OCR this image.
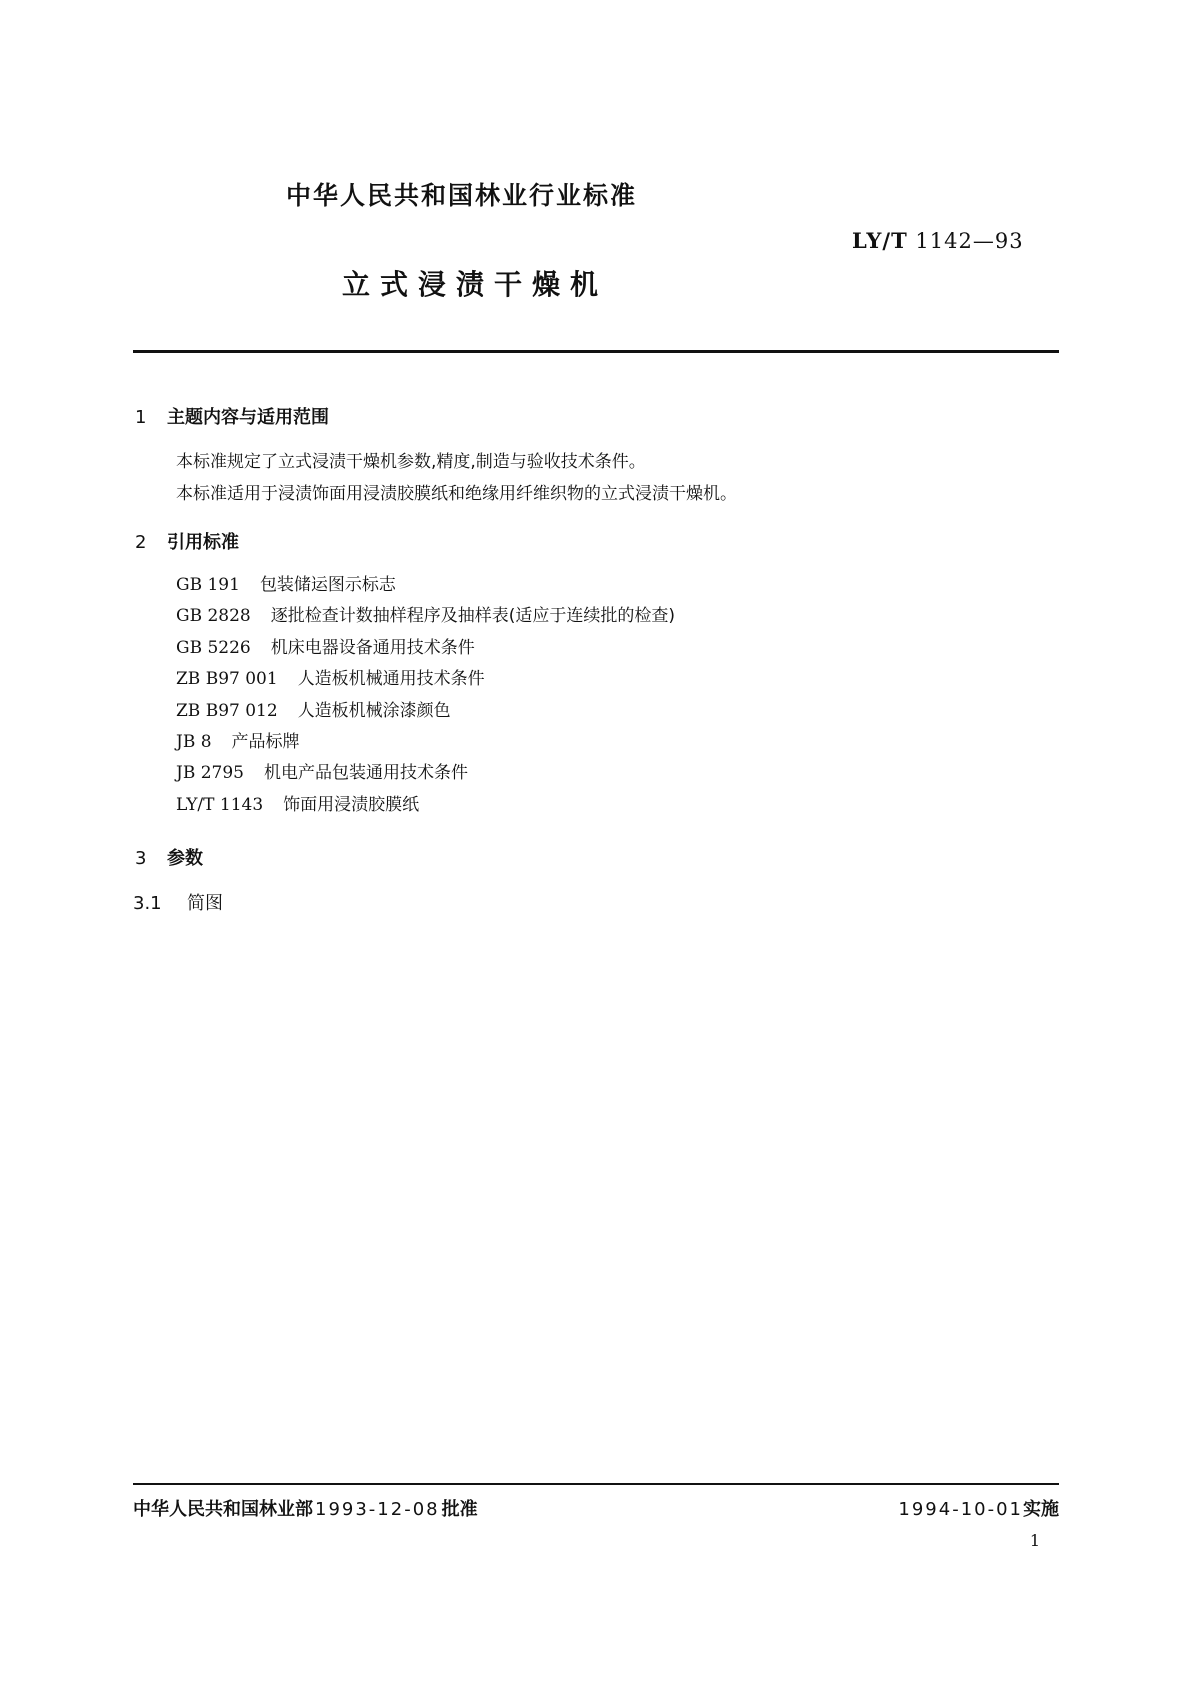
中华人民共和国林业行业标准
LY/T 1142—93
立式浸渍干燥机
1 主题内容与适用范围
本标准规定了立式浸渍干燥机参数,精度,制造与验收技术条件。
本标准适用于浸渍饰面用浸渍胶膜纸和绝缘用纤维织物的立式浸渍干燥机。
2 引用标准
GB 191 包装储运图示标志
GB 2828 逐批检查计数抽样程序及抽样表(适应于连续批的检查)
GB 5226 机床电器设备通用技术条件
ZB B97 001 人造板机械通用技术条件
ZB B97 012 人造板机械涂漆颜色
JB 8 产品标牌
JB 2795 机电产品包装通用技术条件
LY/T 1143 饰面用浸渍胶膜纸
3 参数
3.1 简图
中华人民共和国林业部 1993-12-08 批准	1994-10-01实施
1
